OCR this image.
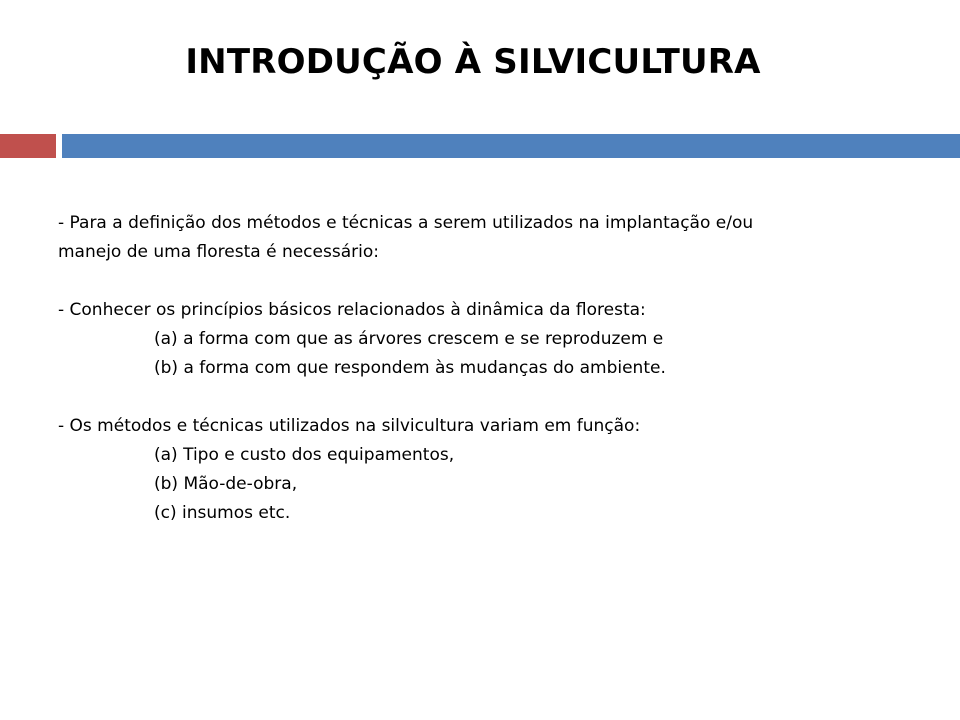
INTRODUÇÃO À SILVICULTURA
- Para a definição dos métodos e técnicas a serem utilizados na implantação e/ou
manejo de uma floresta é necessário:
- Conhecer os princípios básicos relacionados à dinâmica da floresta:
(a) a forma com que as árvores crescem e se reproduzem e
(b) a forma com que respondem às mudanças do ambiente.
- Os métodos e técnicas utilizados na silvicultura variam em função:
(a) Tipo e custo dos equipamentos,
(b) Mão-de-obra,
(c) insumos etc.
